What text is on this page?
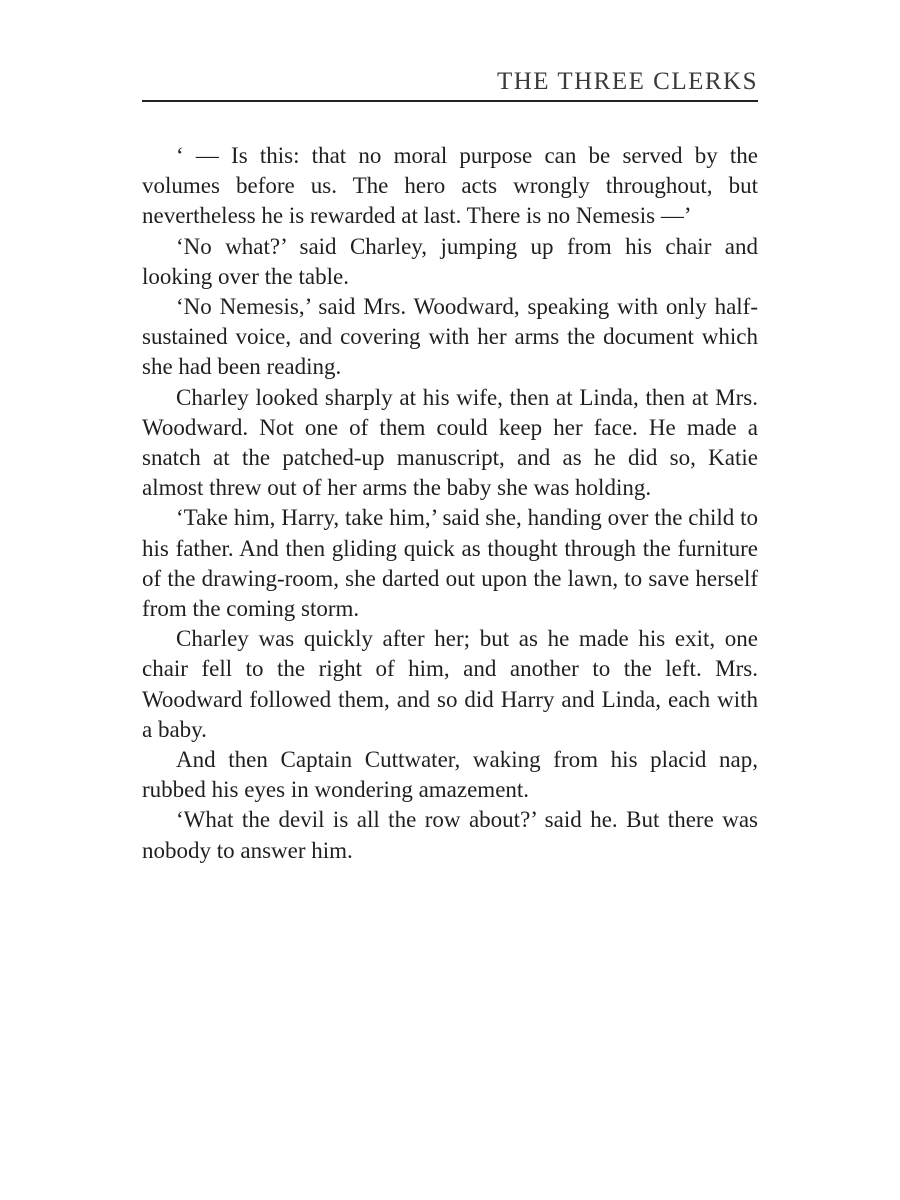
THE THREE CLERKS

‘ — Is this: that no moral purpose can be served by the volumes before us. The hero acts wrongly throughout, but nevertheless he is rewarded at last. There is no Nemesis —’

‘No what?’ said Charley, jumping up from his chair and looking over the table.

‘No Nemesis,’ said Mrs. Woodward, speaking with only half-sustained voice, and covering with her arms the document which she had been reading.

Charley looked sharply at his wife, then at Linda, then at Mrs. Woodward. Not one of them could keep her face. He made a snatch at the patched-up manuscript, and as he did so, Katie almost threw out of her arms the baby she was holding.

‘Take him, Harry, take him,’ said she, handing over the child to his father. And then gliding quick as thought through the furniture of the drawing-room, she darted out upon the lawn, to save herself from the coming storm.

Charley was quickly after her; but as he made his exit, one chair fell to the right of him, and another to the left. Mrs. Woodward followed them, and so did Harry and Linda, each with a baby.

And then Captain Cuttwater, waking from his placid nap, rubbed his eyes in wondering amazement.

‘What the devil is all the row about?’ said he. But there was nobody to answer him.
